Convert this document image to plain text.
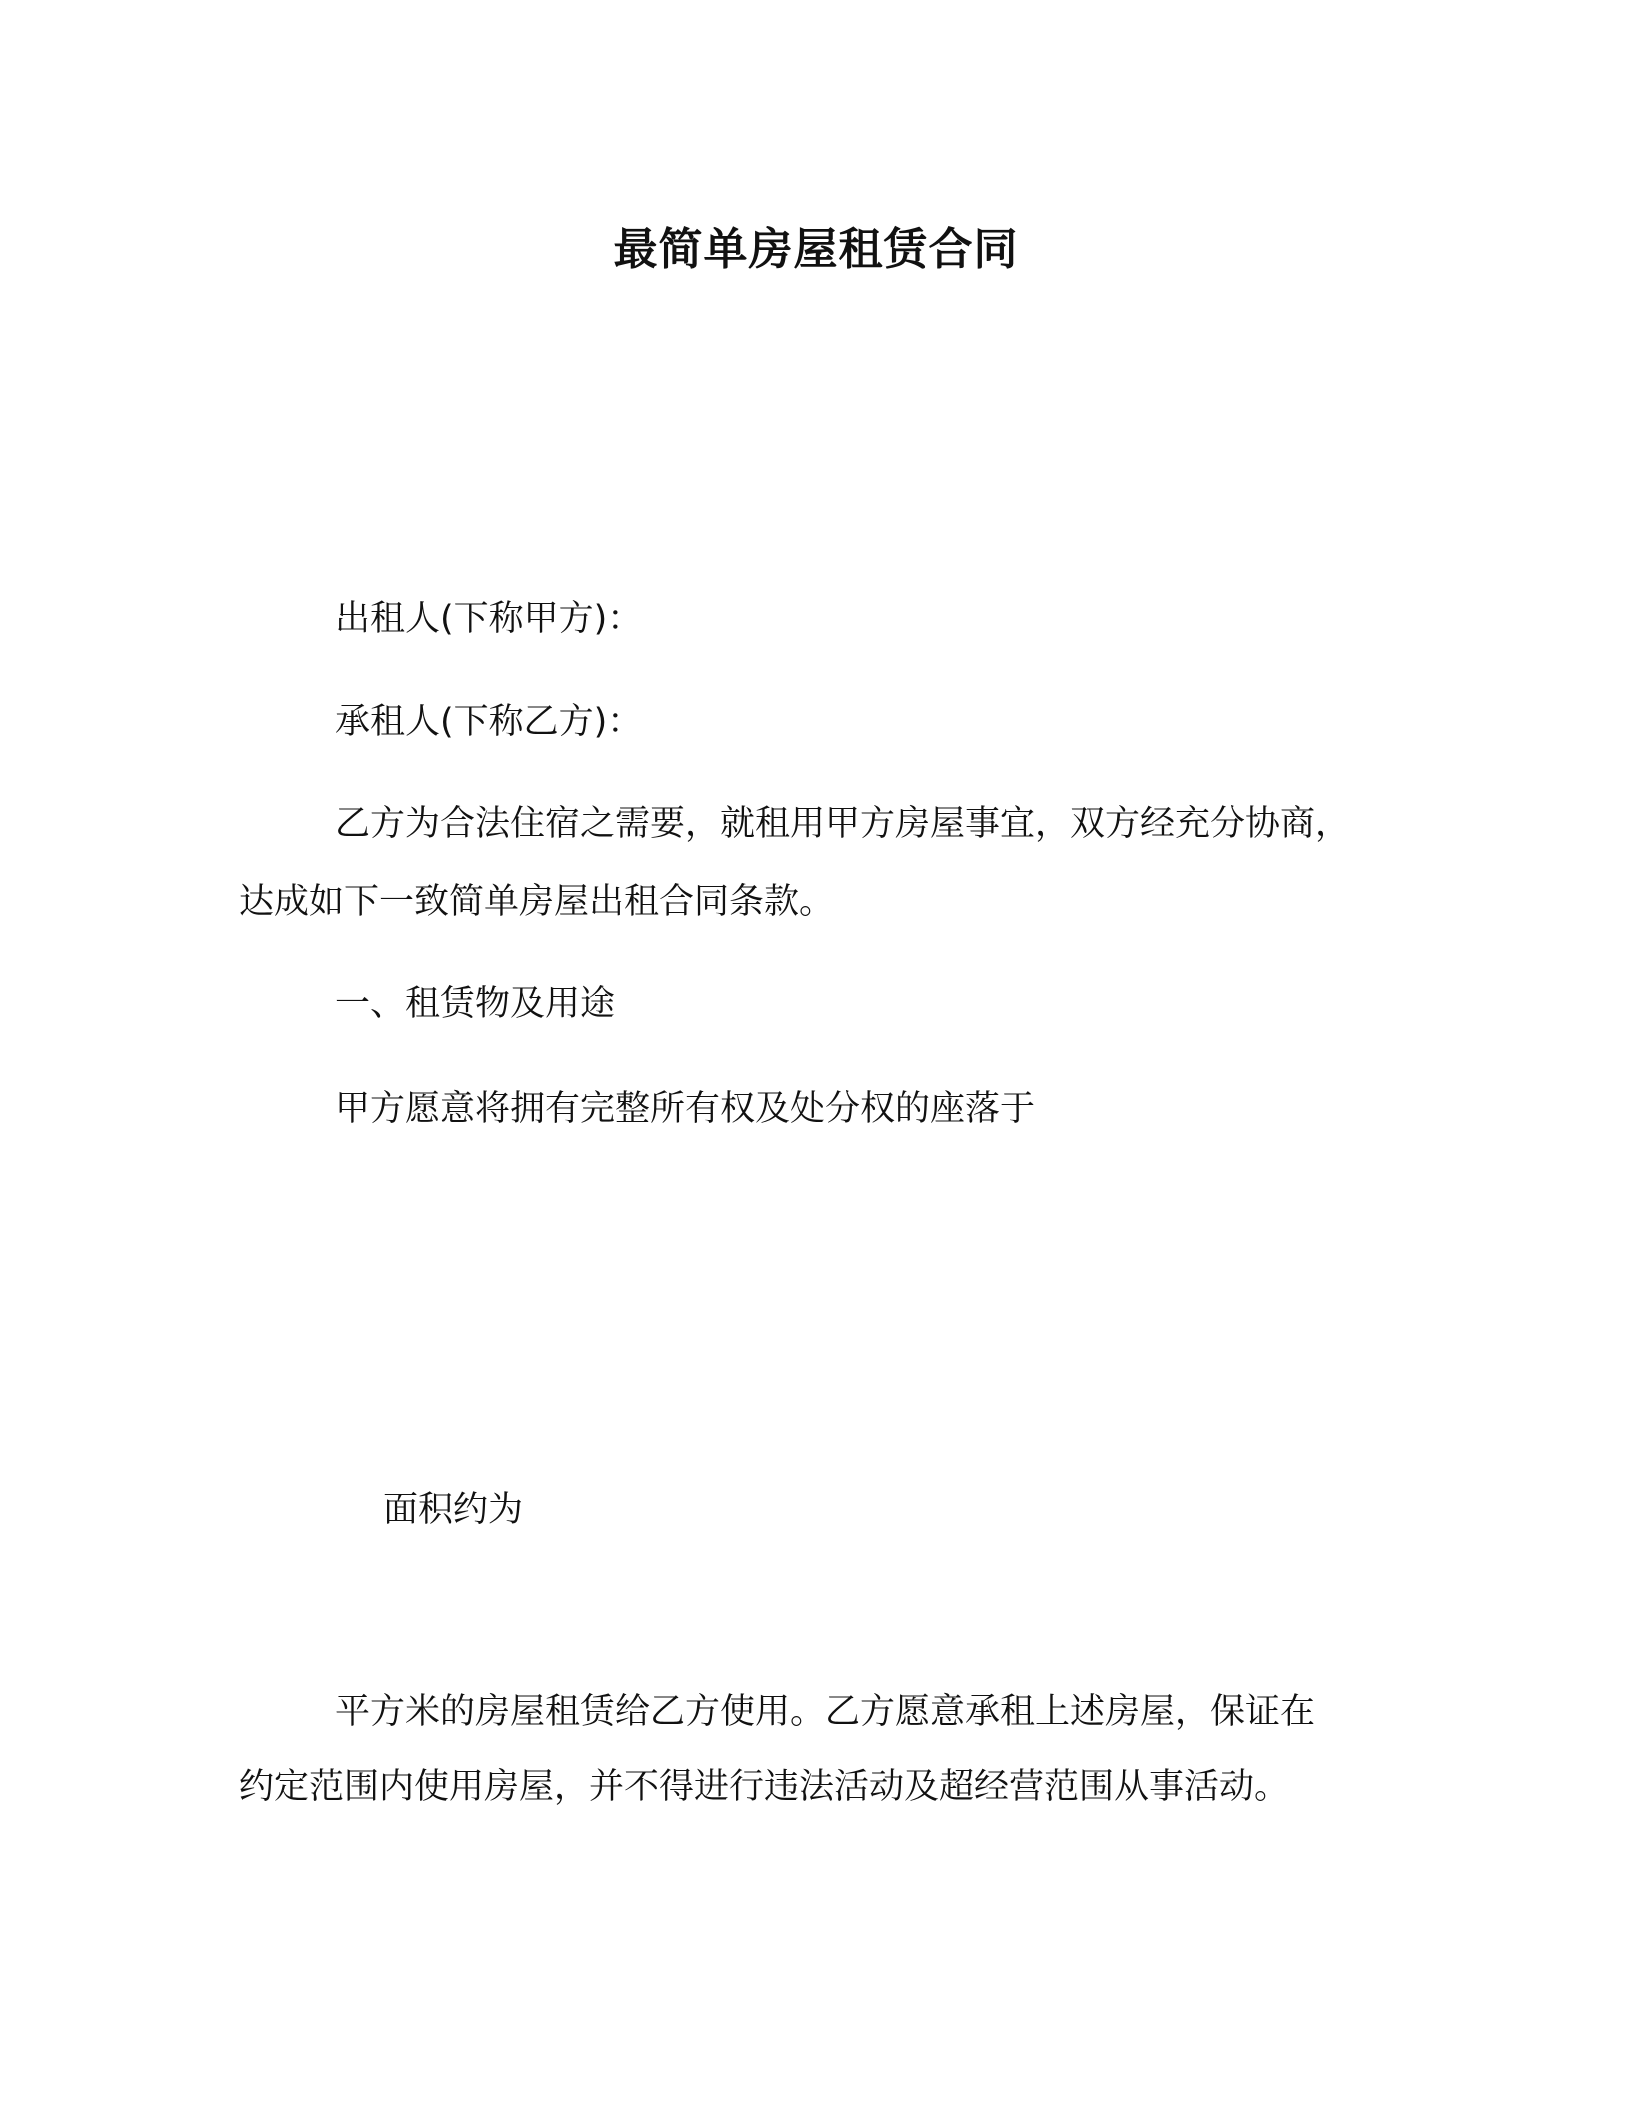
最简单房屋租赁合同
出租人(下称甲方)：
承租人(下称乙方)：
乙方为合法住宿之需要，就租用甲方房屋事宜，双方经充分协商，
达成如下一致简单房屋出租合同条款。
一、租赁物及用途
甲方愿意将拥有完整所有权及处分权的座落于
面积约为
平方米的房屋租赁给乙方使用。乙方愿意承租上述房屋，保证在
约定范围内使用房屋，并不得进行违法活动及超经营范围从事活动。
